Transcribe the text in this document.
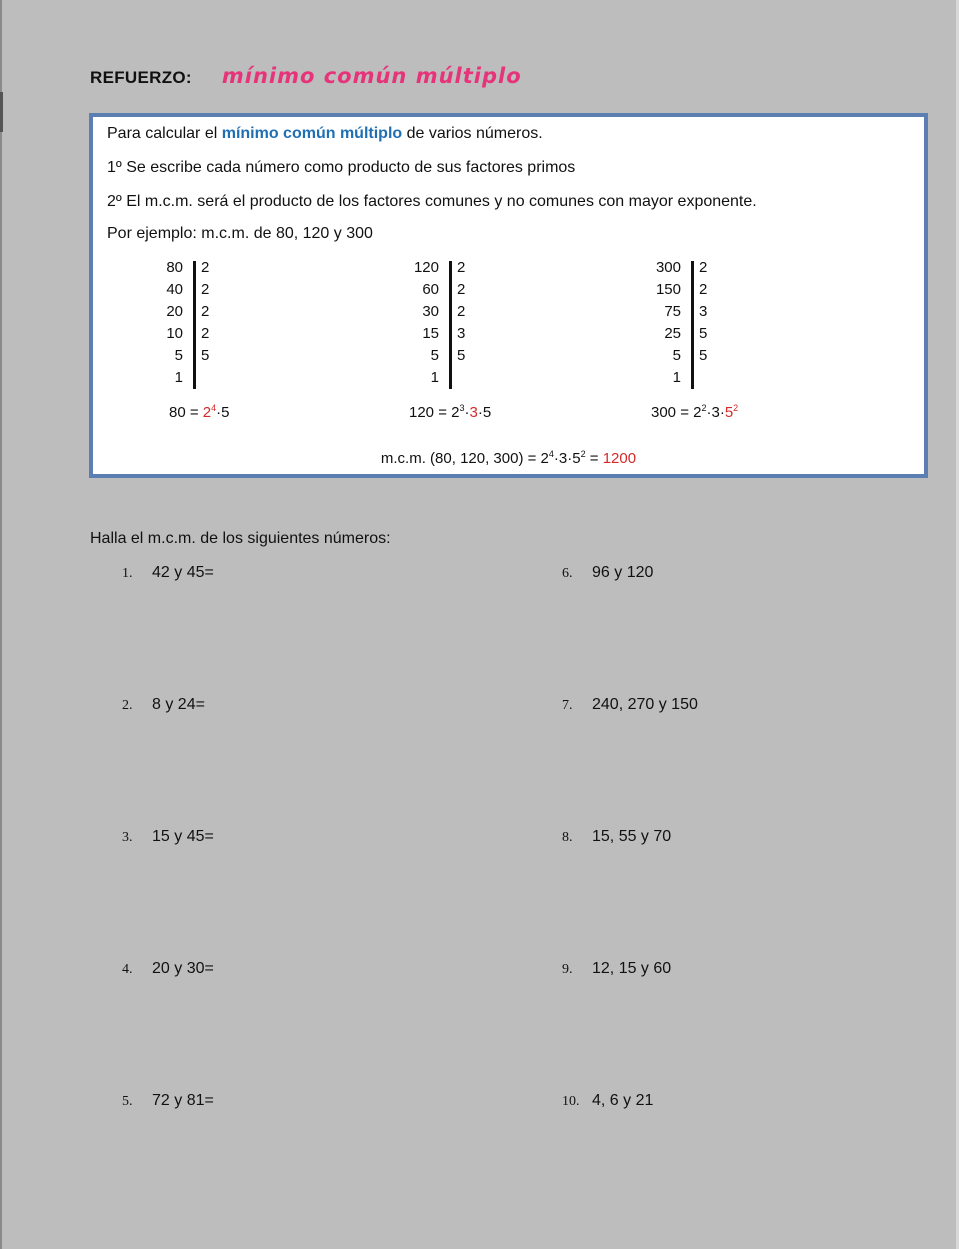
REFUERZO: mínimo común múltiplo

Para calcular el mínimo común múltiplo de varios números.

1º Se escribe cada número como producto de sus factores primos

2º El m.c.m. será el producto de los factores comunes y no comunes con mayor exponente.

Por ejemplo: m.c.m. de 80, 120 y 300

80
40
20
10
5
1
2
2
2
2
5
120
60
30
15
5
1
2
2
2
3
5
300
150
75
25
5
1
2
2
3
5
5
$80 = 2^4\cdot 5$	$120 = 2^3\cdot 3\cdot 5$	$300 = 2^2\cdot 3\cdot 5^2$
m.c.m. (80, 120, $300) = 2^4\cdot 3\cdot 5^2 = 1200$
Halla el m.c.m. de los siguientes números:
1. 42 y 45=
2. 8 y 24=
3. 15 y 45=
4. 20 y 30=
5. 72 y 81=
6. 96 y 120
7. 240, 270 y 150
8. 15, 55 y 70
9. 12, 15 y 60
10. 4, 6 y 21
